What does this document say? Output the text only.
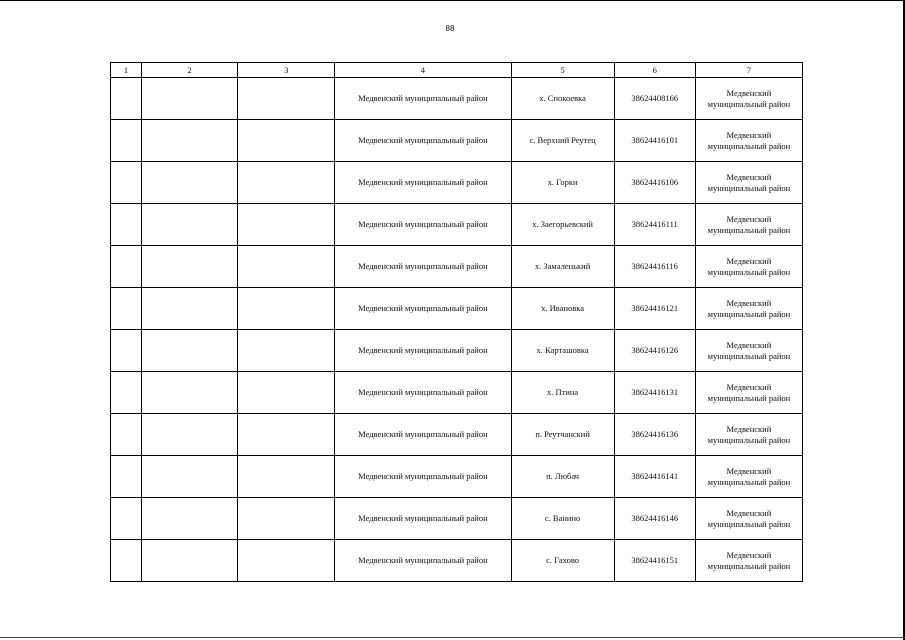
88
1	2	3	4	5	6	7
			Медвенский муниципальный район	х. Спокоевка	38624408166	Медвенский муниципальный район
			Медвенский муниципальный район	с. Верхний Реутец	38624416101	Медвенский муниципальный район
			Медвенский муниципальный район	х. Горки	38624416106	Медвенский муниципальный район
			Медвенский муниципальный район	х. Заегорьевский	38624416111	Медвенский муниципальный район
			Медвенский муниципальный район	х. Замаленький	38624416116	Медвенский муниципальный район
			Медвенский муниципальный район	х. Ивановка	38624416121	Медвенский муниципальный район
			Медвенский муниципальный район	х. Карташовка	38624416126	Медвенский муниципальный район
			Медвенский муниципальный район	х. Птина	38624416131	Медвенский муниципальный район
			Медвенский муниципальный район	п. Реутчанский	38624416136	Медвенский муниципальный район
			Медвенский муниципальный район	п. Любач	38624416141	Медвенский муниципальный район
			Медвенский муниципальный район	с. Ванино	38624416146	Медвенский муниципальный район
			Медвенский муниципальный район	с. Гахово	38624416151	Медвенский муниципальный район
